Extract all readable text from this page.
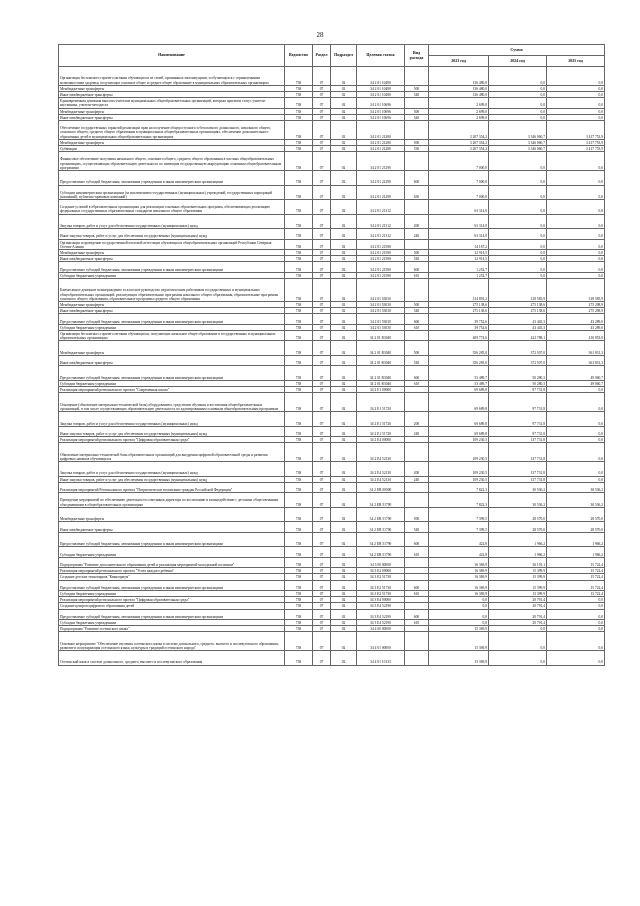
28
Наименование	Ведомство	Раздел	Подраздел	Целевая статья	Вид расхода	Сумма		
						2023 год	2024 год	2025 год
Организация бесплатного горячего питания обучающихся из семей, признанных малоимущими, и обучающихся с ограниченными возможностями здоровья, получающих основное общее и среднее общее образование в муниципальных образовательных организациях	738	07	02	34 2 01 10480		136 480,0	0,0	0,0
Межбюджетные трансферты	738	07	02	34 2 01 10480	500	136 480,0	0,0	0,0
Иные межбюджетные трансферты	738	07	02	34 2 01 10480	540	136 480,0	0,0	0,0
Единовременная денежная выплата учителям муниципальных общеобразовательных организаций, которым присвоен статус учителя-наставника, учителя-методиста	738	07	02	34 2 01 10696		2 699,0	0,0	0,0
Межбюджетные трансферты	738	07	02	34 2 01 10696	500	2 699,0	0,0	0,0
Иные межбюджетные трансферты	738	07	02	34 2 01 10696	540	2 699,0	0,0	0,0
Обеспечение государственных гарантий реализации прав на получение общедоступного и бесплатного дошкольного, начального общего, основного общего, среднего общего образования в муниципальных общеобразовательных организациях, обеспечение дополнительного образования детей в муниципальных общеобразовательных организациях	738	07	02	34 2 01 21280		3 207 354,2	3 346 060,7	3 417 753,9
Межбюджетные трансферты	738	07	02	34 2 01 21280	500	3 207 354,2	3 346 060,7	3 417 753,9
Субвенции	738	07	02	34 2 01 21280	530	3 207 354,2	3 346 060,7	3 417 753,9
Финансовое обеспечение получения начального общего, основного общего, среднего общего образования в частных общеобразовательных организациях, осуществляющих образовательную деятельность по имеющим государственную аккредитацию основным общеобразовательным программам	738	07	02	34 2 01 21290		7 000,0	0,0	0,0
Предоставление субсидий бюджетным, автономным учреждениям и иным некоммерческим организациям	738	07	02	34 2 01 21290	600	7 000,0	0,0	0,0
Субсидии некоммерческим организациям (за исключением государственных (муниципальных) учреждений, государственных корпораций (компаний), публично-правовых компаний)	738	07	02	34 2 01 21290	630	7 000,0	0,0	0,0
Создание условий в образовательных организациях для реализации основных образовательных программ, обеспечивающих реализацию федеральных государственных образовательных стандартов начального общего образования	738	07	02	34 2 01 21312		63 314,0	0,0	0,0
Закупка товаров, работ и услуг для обеспечения государственных (муниципальных) нужд	738	07	02	34 2 01 21312	200	63 314,0	0,0	0,0
Иные закупки товаров, работ и услуг для обеспечения государственных (муниципальных) нужд	738	07	02	34 2 01 21312	240	63 314,0	0,0	0,0
Организация и проведение государственной итоговой аттестации обучающихся общеобразовательных организаций Республики Северная Осетия-Алания	738	07	02	34 2 01 21580		14 167,2	0,0	0,0
Межбюджетные трансферты	738	07	02	34 2 01 21580	500	12 914,5	0,0	0,0
Иные межбюджетные трансферты	738	07	02	34 2 01 21580	540	12 914,5	0,0	0,0
Предоставление субсидий бюджетным, автономным учреждениям и иным некоммерческим организациям	738	07	02	34 2 01 21580	600	1 252,7	0,0	0,0
Субсидии бюджетным учреждениям	738	07	02	34 2 01 21580	610	1 252,7	0,0	0,0
Ежемесячное денежное вознаграждение за классное руководство педагогическим работникам государственных и муниципальных общеобразовательных организаций, реализующих образовательные программы начального общего образования, образовательные программы основного общего образования, образовательные программы среднего общего образования	738	07	02	34 2 01 53030		314 891,2	318 585,9	318 585,9
Межбюджетные трансферты	738	07	02	34 2 01 53030	500	275 138,6	275 138,6	275 298,9
Иные межбюджетные трансферты	738	07	02	34 2 01 53030	540	275 138,6	275 138,6	275 298,9
Предоставление субсидий бюджетным, автономным учреждениям и иным некоммерческим организациям	738	07	02	34 2 01 53030	600	39 752,6	43 445,3	43 289,0
Субсидии бюджетным учреждениям	738	07	02	34 2 01 53030	610	39 752,6	43 445,3	43 289,0
Организация бесплатного горячего питания обучающихся, получающих начальное общее образование в государственных и муниципальных образовательных организациях	738	07	02	34 2 01 R3040		409 774,6	422 788,1	410 853,0
Межбюджетные трансферты	738	07	02	34 2 01 R3040	500	356 285,0	372 507,0	361 831,3
Иные межбюджетные трансферты	738	07	02	34 2 01 R3040	540	356 285,0	372 507,0	361 831,3
Предоставление субсидий бюджетным, автономным учреждениям и иным некоммерческим организациям	738	07	02	34 2 01 R3040	600	53 489,7	50 280,3	49 060,7
Субсидии бюджетным учреждениям	738	07	02	34 2 01 R3040	610	53 489,7	50 280,3	49 060,7
Реализация мероприятий регионального проекта "Современная школа"	738	07	02	34 2 E1 00000		69 689,8	97 731,8	0,0
Оснащение (обновление материально-технической базы) оборудованием, средствами обучения и воспитания общеобразовательных организаций, в том числе осуществляющих образовательную деятельность по адаптированным основным общеобразовательным программам	738	07	02	34 2 E1 51720		69 689,8	97 731,8	0,0
Закупка товаров, работ и услуг для обеспечения государственных (муниципальных) нужд	738	07	02	34 2 E1 51720	200	69 689,8	97 731,8	0,0
Иные закупки товаров, работ и услуг для обеспечения государственных (муниципальных) нужд	738	07	02	34 2 E1 51720	240	69 689,8	97 731,8	0,0
Реализация мероприятий регионального проекта "Цифровая образовательная среда"	738	07	02	34 2 E4 00000		109 230,5	137 731,8	0,0
Обновление материально-технической базы образовательных организаций для внедрения цифровой образовательной среды и развития цифровых навыков обучающихся	738	07	02	34 2 E4 52130		109 230,5	137 731,8	0,0
Закупка товаров, работ и услуг для обеспечения государственных (муниципальных) нужд	738	07	02	34 2 E4 52130	200	109 230,5	137 731,8	0,0
Иные закупки товаров, работ и услуг для обеспечения государственных (муниципальных) нужд	738	07	02	34 2 E4 52130	240	109 230,5	137 731,8	0,0
Реализация мероприятий Регионального проекта "Патриотическое воспитание граждан Российской Федерации"	738	07	02	34 2 EВ 00000		7 822,3	30 536,2	30 536,2
Проведение мероприятий по обеспечению деятельности советников директора по воспитанию и взаимодействию с детскими общественными объединениями в общеобразовательных организациях	738	07	02	34 2 EВ 51790		7 822,3	30 536,2	30 536,2
Межбюджетные трансферты	738	07	02	34 2 EВ 51790	500	7 399,5	28 570,0	28 570,0
Иные межбюджетные трансферты	738	07	02	34 2 EВ 51790	540	7 399,5	28 570,0	28 570,0
Предоставление субсидий бюджетным, автономным учреждениям и иным некоммерческим организациям	738	07	02	34 2 EВ 51790	600	422,8	1 966,2	1 966,2
Субсидии бюджетным учреждениям	738	07	02	34 2 EВ 51790	610	422,8	1 966,2	1 966,2
Подпрограмма "Развитие дополнительного образования детей и реализация мероприятий молодежной политики"	738	07	02	34 3 00 00000		16 369,9	36 191,1	15 722,4
Реализация мероприятий регионального проекта "Успех каждого ребенка"	738	07	02	34 3 E2 00000		16 369,9	15 399,9	15 722,4
Создание детских технопарков "Кванториум"	738	07	02	34 3 E2 51730		16 369,9	15 399,9	15 722,4
Предоставление субсидий бюджетным, автономным учреждениям и иным некоммерческим организациям	738	07	02	34 3 E2 51730	600	16 369,9	15 399,9	15 722,4
Субсидии бюджетным учреждениям	738	07	02	34 3 E2 51730	610	16 369,9	15 399,9	15 722,4
Реализация мероприятий регионального проекта "Цифровая образовательная среда"	738	07	02	34 3 E4 00000		0,0	20 791,4	0,0
Создание центров цифрового образования детей	738	07	02	34 3 E4 52190		0,0	20 791,4	0,0
Предоставление субсидий бюджетным, автономным учреждениям и иным некоммерческим организациям	738	07	02	34 3 E4 52190	600	0,0	20 791,4	0,0
Субсидии бюджетным учреждениям	738	07	02	34 3 E4 52190	610	0,0	20 791,4	0,0
Подпрограмма "Развитие осетинского языка"	738	07	02	34 4 00 00000		15 369,9	0,0	0,0
Основное мероприятие "Обеспечение изучения осетинского языка в системе дошкольного, среднего, высшего и послевузовского образования, развитие и популяризация осетинского языка, культуры и традиций осетинского народа"	738	07	02	34 4 01 00000		15 369,9	0,0	0,0
Осетинский язык в системе дошкольного, среднего, высшего и послевузовского образования	738	07	02	34 4 01 10133		15 369,9	0,0	0,0
